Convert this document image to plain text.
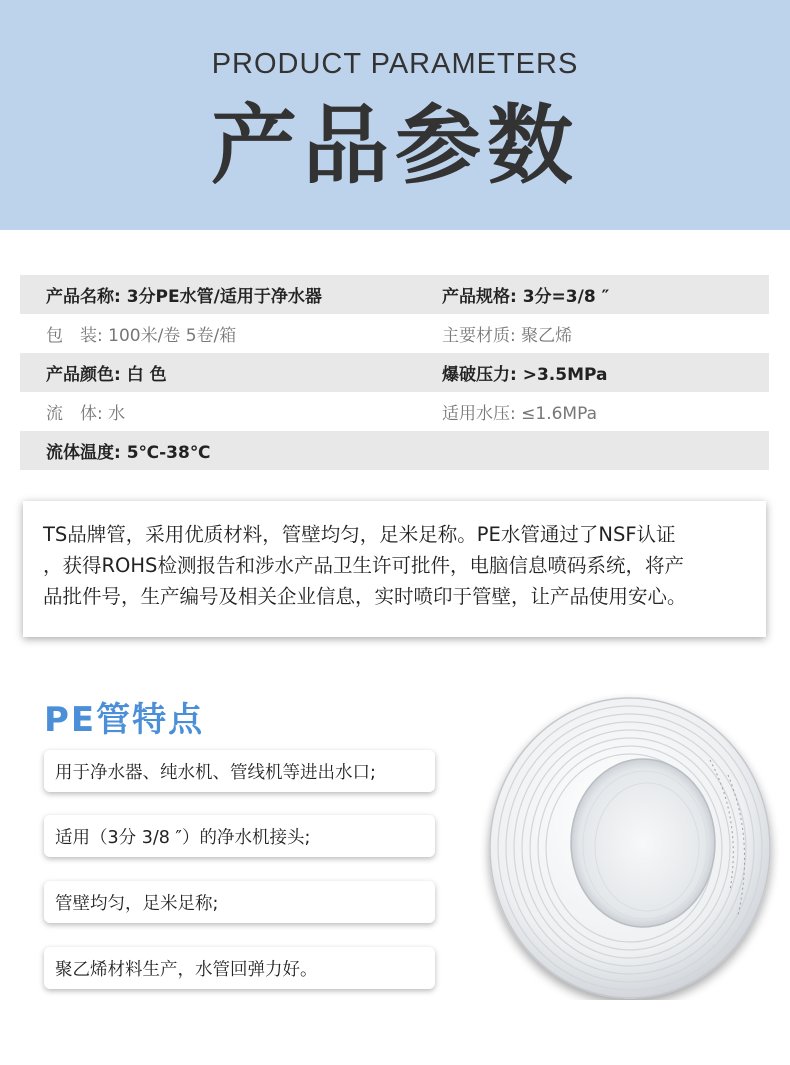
PRODUCT PARAMETERS
产品参数
产品名称: 3分PE水管/适用于净水器	产品规格: 3分=3/8 ″
包　装: 100米/卷 5卷/箱	主要材质: 聚乙烯
产品颜色: 白 色	爆破压力: >3.5MPa
流　体: 水	适用水压: ≤1.6MPa
流体温度: 5℃-38℃
TS品牌管，采用优质材料，管壁均匀，足米足称。PE水管通过了NSF认证
，获得ROHS检测报告和涉水产品卫生许可批件，电脑信息喷码系统，将产
品批件号，生产编号及相关企业信息，实时喷印于管壁，让产品使用安心。
PE管特点
用于净水器、纯水机、管线机等进出水口;
适用（3分 3/8 ″）的净水机接头;
管壁均匀，足米足称;
聚乙烯材料生产，水管回弹力好。
